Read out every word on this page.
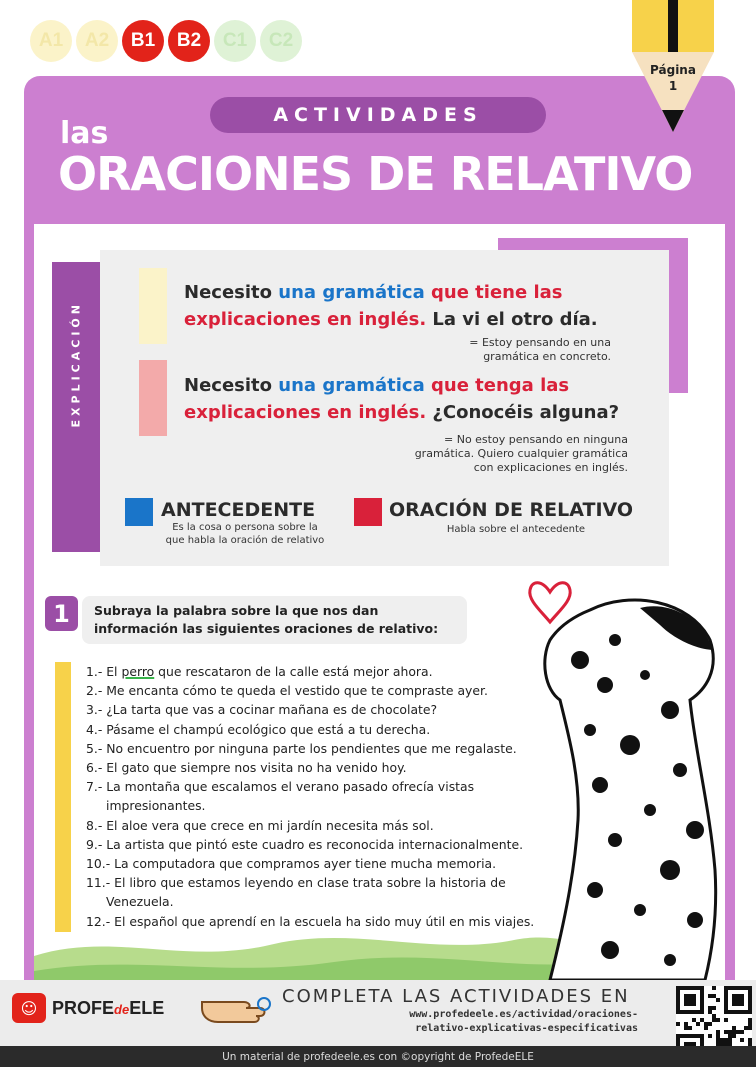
A1	A2	B1	B2	C1	C2
Página
1
ACTIVIDADES
las
ORACIONES DE RELATIVO
Necesito una gramática que tiene las
explicaciones en inglés. La vi el otro día.
= Estoy pensando en una
gramática en concreto.
Necesito una gramática que tenga las
explicaciones en inglés. ¿Conocéis alguna?
= No estoy pensando en ninguna
gramática. Quiero cualquier gramática
con explicaciones en inglés.
ANTECEDENTE
Es la cosa o persona sobre la
que habla la oración de relativo
ORACIÓN DE RELATIVO
Habla sobre el antecedente
1	Subraya la palabra sobre la que nos dan información las siguientes oraciones de relativo:
1.- El perro que rescataron de la calle está mejor ahora.
2.- Me encanta cómo te queda el vestido que te compraste ayer.
3.- ¿La tarta que vas a cocinar mañana es de chocolate?
4.- Pásame el champú ecológico que está a tu derecha.
5.- No encuentro por ninguna parte los pendientes que me regalaste.
6.- El gato que siempre nos visita no ha venido hoy.
7.- La montaña que escalamos el verano pasado ofrecía vistas
impresionantes.
8.- El aloe vera que crece en mi jardín necesita más sol.
9.- La artista que pintó este cuadro es reconocida internacionalmente.
10.- La computadora que compramos ayer tiene mucha memoria.
11.- El libro que estamos leyendo en clase trata sobre la historia de
Venezuela.
12.- El español que aprendí en la escuela ha sido muy útil en mis viajes.
☺ PROFEdeELE
COMPLETA LAS ACTIVIDADES EN
www.profedeele.es/actividad/oraciones-
relativo-explicativas-especificativas
Un material de profedeele.es con ©opyright de ProfedeELE
